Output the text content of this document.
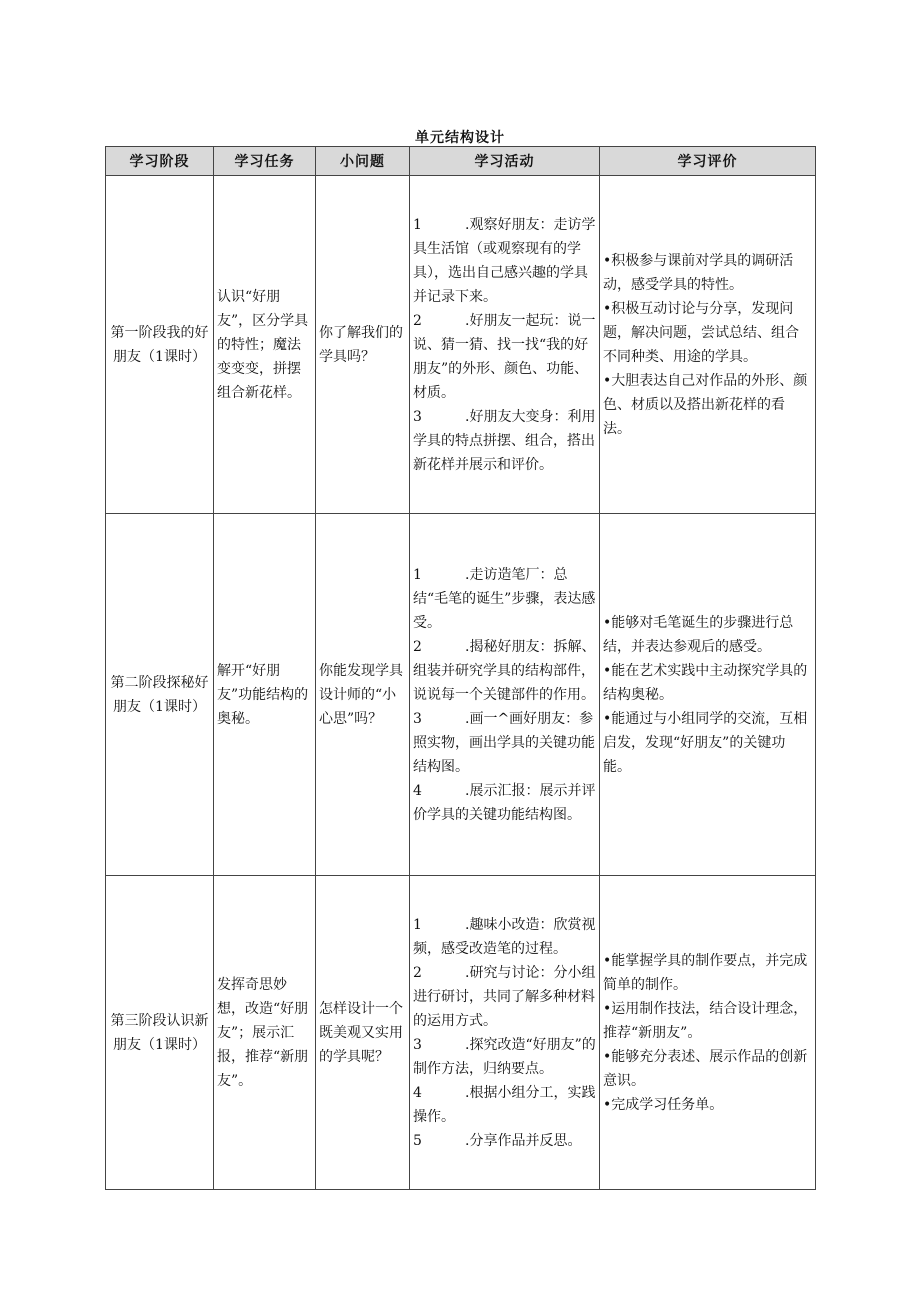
单元结构设计
学习阶段	学习任务	小问题	学习活动	学习评价
第一阶段我的好朋友（1课时）	认识“好朋友”，区分学具的特性；魔法变变变，拼摆组合新花样。	你了解我们的学具吗？	1 .观察好朋友：走访学具生活馆（或观察现有的学具），选出自己感兴趣的学具并记录下来。
2 .好朋友一起玩：说一说、猜一猜、找一找“我的好朋友”的外形、颜色、功能、材质。
3 .好朋友大变身：利用学具的特点拼摆、组合，搭出新花样并展示和评价。	• 积极参与课前对学具的调研活动，感受学具的特性。
• 积极互动讨论与分享，发现问题，解决问题，尝试总结、组合不同种类、用途的学具。
• 大胆表达自己对作品的外形、颜色、材质以及搭出新花样的看法。

第二阶段探秘好朋友（1课时）	解开“好朋友”功能结构的奥秘。	你能发现学具设计师的“小心思”吗？	1 .走访造笔厂：总结“毛笔的诞生”步骤，表达感受。
2 .揭秘好朋友：拆解、组装并研究学具的结构部件，说说每一个关键部件的作用。
3 .画一^画好朋友：参照实物，画出学具的关键功能结构图。
4 .展示汇报：展示并评价学具的关键功能结构图。	• 能够对毛笔诞生的步骤进行总结，并表达参观后的感受。
• 能在艺术实践中主动探究学具的结构奥秘。
• 能通过与小组同学的交流，互相启发，发现“好朋友”的关键功能。

第三阶段认识新朋友（1课时）	发挥奇思妙想，改造“好朋友”；展示汇报，推荐“新朋友”。	怎样设计一个既美观又实用的学具呢？	1 .趣味小改造：欣赏视频，感受改造笔的过程。
2 .研究与讨论：分小组进行研讨，共同了解多种材料的运用方式。
3 .探究改造“好朋友”的制作方法，归纳要点。
4 .根据小组分工，实践操作。
5 .分享作品并反思。	• 能掌握学具的制作要点，并完成简单的制作。
• 运用制作技法，结合设计理念，推荐“新朋友”。
• 能够充分表述、展示作品的创新意识。
• 完成学习任务单。
